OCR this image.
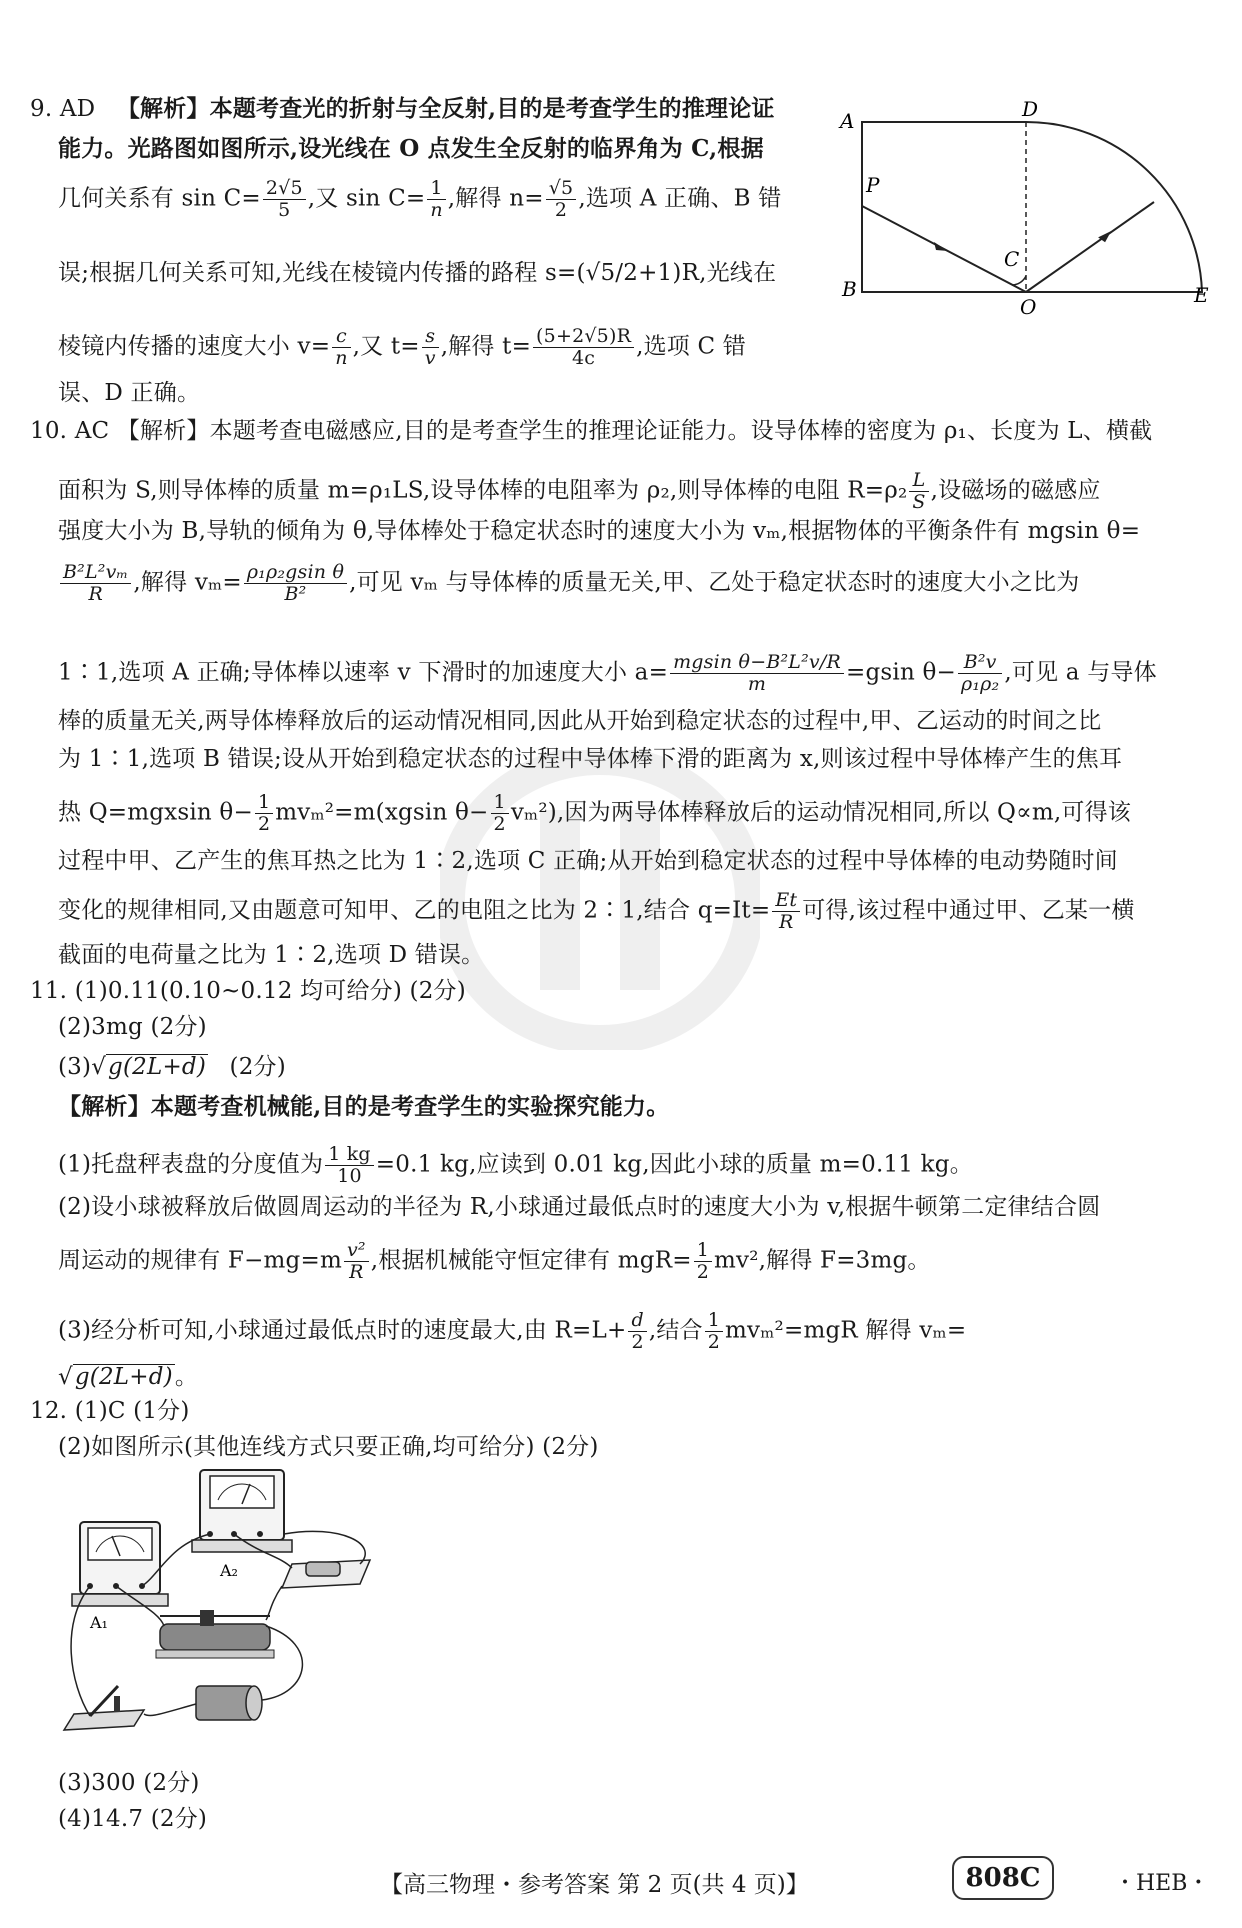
9. AD 【解析】本题考查光的折射与全反射,目的是考查学生的推理论证
能力。光路图如图所示,设光线在 O 点发生全反射的临界角为 C,根据
几何关系有 $\sin C= \frac{2√5}{5}$ ,又 $\sin C= \frac{1}{n}$ ,解得 $n= \frac{√5}{2}$ ,选项 A 正确、B 错
误;根据几何关系可知,光线在棱镜内传播的路程 s=(√5/2+1)R,光线在
棱镜内传播的速度大小 $v= \frac{c}{n}$ ,又 $t= \frac{s}{v}$ ,解得 $t= \frac{(5+2√5)R}{4c}$ ,选项 C 错
误、D 正确。
A	D
P
C
B
O	E
10. AC 【解析】本题考查电磁感应,目的是考查学生的推理论证能力。设导体棒的密度为 ρ₁、长度为 L、横截
面积为 S,则导体棒的质量 m=ρ₁LS,设导体棒的电阻率为 ρ₂,则导体棒的电阻 $R=\rho_2 \frac{L}{S}$ ,设磁场的磁感应
强度大小为 B,导轨的倾角为 θ,导体棒处于稳定状态时的速度大小为 vₘ,根据物体的平衡条件有 mgsin θ=
$\frac{\text{B²L²vₘ}}{R}$ ,解得 $v_m= \frac{\text{ρ₁ρ₂gsin θ}}{\text{B²}}$ ,可见 vₘ 与导体棒的质量无关,甲、乙处于稳定状态时的速度大小之比为
1∶1,选项 A 正确;导体棒以速率 v 下滑时的加速度大小 $a= \frac{\text{mgsin θ−B²L²v/R}}{m} =gsin$ $\theta- \frac{\text{B²v}}{\text{ρ₁ρ₂}}$ ,可见 a 与导体
棒的质量无关,两导体棒释放后的运动情况相同,因此从开始到稳定状态的过程中,甲、乙运动的时间之比
为 1∶1,选项 B 错误;设从开始到稳定状态的过程中导体棒下滑的距离为 x,则该过程中导体棒产生的焦耳
热 Q=mgxsin $\theta- \frac{1}{2} mv_m^2=m(xgsin$ $\theta- \frac{1}{2} v_m^2$),因为两导体棒释放后的运动情况相同,所以 Q∝m,可得该
过程中甲、乙产生的焦耳热之比为 1∶2,选项 C 正确;从开始到稳定状态的过程中导体棒的电动势随时间
变化的规律相同,又由题意可知甲、乙的电阻之比为 2∶1,结合 $q=It= \frac{Et}{R}$ 可得,该过程中通过甲、乙某一横
截面的电荷量之比为 1∶2,选项 D 错误。
11. (1)0.11(0.10~0.12 均可给分) (2分)
(2)3mg (2分)
(3)√g(2L+d) (2分)
【解析】本题考查机械能,目的是考查学生的实验探究能力。
(1)托盘秤表盘的分度值为 $\frac{1 kg}{10} =0.1$ kg,应读到 0.01 kg,因此小球的质量 m=0.11 kg。
(2)设小球被释放后做圆周运动的半径为 R,小球通过最低点时的速度大小为 v,根据牛顿第二定律结合圆
周运动的规律有 $F-mg=m \frac{\text{v²}}{R}$ ,根据机械能守恒定律有 $mgR= \frac{1}{2} mv^2$,解得 F=3mg。
(3)经分析可知,小球通过最低点时的速度最大,由 $R=L+ \frac{d}{2}$ ,结合 $\frac{1}{2} mv_m^2=mgR$ 解得 vₘ=
√g(2L+d)。
12. (1)C (1分)
(2)如图所示(其他连线方式只要正确,均可给分) (2分)
A₂
A₁
(3)300 (2分)
(4)14.7 (2分)
【高三物理・参考答案 第 2 页(共 4 页)】	808C	・HEB・
